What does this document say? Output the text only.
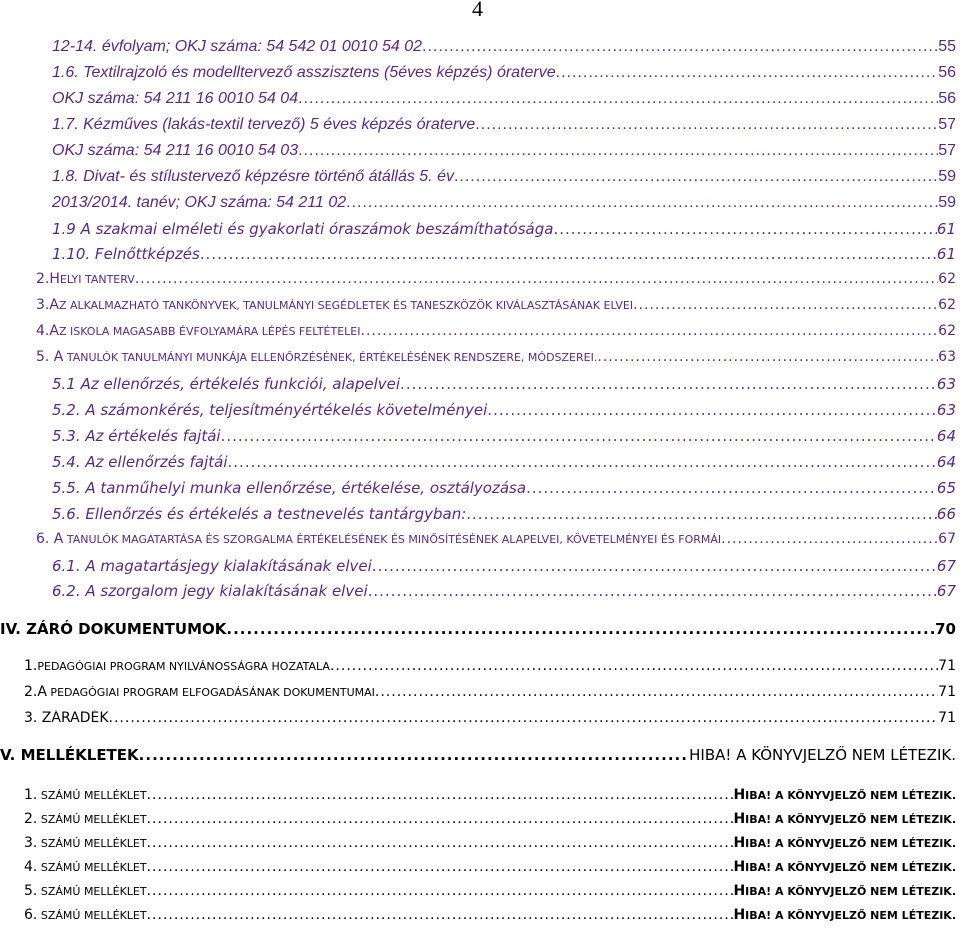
4
12-14. évfolyam; OKJ száma: 54 542 01 0010 54 02 .....	55
1.6. Textilrajzoló és modelltervező asszisztens (5éves képzés) óraterve .....	56
OKJ száma: 54 211 16 0010 54 04 .....	56
1.7. Kézműves (lakás-textil tervező) 5 éves képzés óraterve .....	57
OKJ száma: 54 211 16 0010 54 03 .....	57
1.8. Divat- és stílustervező képzésre történő átállás 5. év .....	59
2013/2014. tanév; OKJ száma: 54 211 02 .....	59
1.9 A szakmai elméleti és gyakorlati óraszámok beszámíthatósága .....	61
1.10. Felnőttképzés .....	61
2.HELYI TANTERV .....	62
3.AZ ALKALMAZHATÓ TANKÖNYVEK, TANULMÁNYI SEGÉDLETEK ÉS TANESZKÖZÖK KIVÁLASZTÁSÁNAK ELVEI .....	62
4.AZ ISKOLA MAGASABB ÉVFOLYAMÁRA LÉPÉS FELTÉTELEI .....	62
5. A TANULÓK TANULMÁNYI MUNKÁJA ELLENŐRZÉSÉNEK, ÉRTÉKELÉSÉNEK RENDSZERE, MÓDSZEREI. .....	63
5.1 Az ellenőrzés, értékelés funkciói, alapelvei .....	63
5.2. A számonkérés, teljesítményértékelés követelményei .....	63
5.3. Az értékelés fajtái .....	64
5.4. Az ellenőrzés fajtái .....	64
5.5. A tanműhelyi munka ellenőrzése, értékelése, osztályozása .....	65
5.6. Ellenőrzés és értékelés a testnevelés tantárgyban: .....	66
6. A TANULÓK MAGATARTÁSA ÉS SZORGALMA ÉRTÉKELÉSÉNEK ÉS MINŐSÍTÉSÉNEK ALAPELVEI, KÖVETELMÉNYEI ÉS FORMÁI .....	67
6.1. A magatartásjegy kialakításának elvei .....	67
6.2. A szorgalom jegy kialakításának elvei .....	67
IV. ZÁRÓ DOKUMENTUMOK .....	70
1.PEDAGÓGIAI PROGRAM NYILVÁNOSSÁGRA HOZATALA .....	71
2.A PEDAGÓGIAI PROGRAM ELFOGADÁSÁNAK DOKUMENTUMAI .....	71
3. ZÁRADÉK .....	71
V. MELLÉKLETEK .....	HIBA! A KÖNYVJELZŐ NEM LÉTEZIK.
1. SZÁMÚ MELLÉKLET .....	HIBA! A KÖNYVJELZŐ NEM LÉTEZIK.
2. SZÁMÚ MELLÉKLET .....	HIBA! A KÖNYVJELZŐ NEM LÉTEZIK.
3. SZÁMÚ MELLÉKLET .....	HIBA! A KÖNYVJELZŐ NEM LÉTEZIK.
4. SZÁMÚ MELLÉKLET .....	HIBA! A KÖNYVJELZŐ NEM LÉTEZIK.
5. SZÁMÚ MELLÉKLET .....	HIBA! A KÖNYVJELZŐ NEM LÉTEZIK.
6. SZÁMÚ MELLÉKLET .....	HIBA! A KÖNYVJELZŐ NEM LÉTEZIK.
